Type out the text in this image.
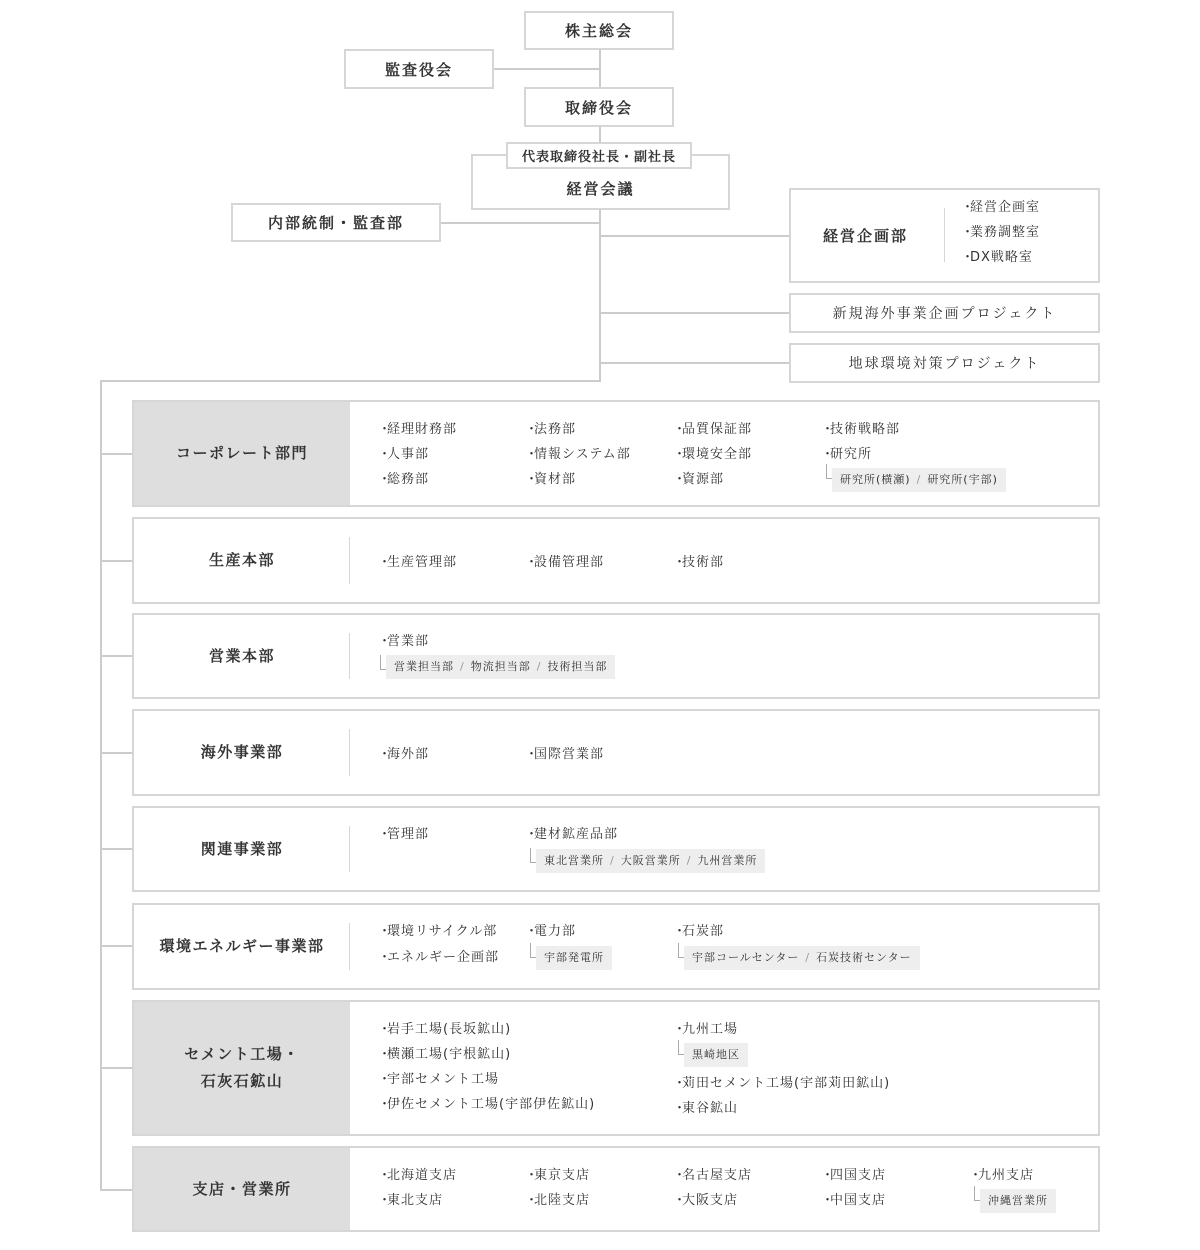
株主総会
監査役会
取締役会
経営会議
代表取締役社長・副社長
内部統制・監査部
経営企画部
・ 経営企画室
・ 業務調整室
・ DX戦略室
新規海外事業企画プロジェクト
地球環境対策プロジェクト
コーポレート部門
・ 経理財務部
・ 人事部
・ 総務部
・ 法務部
・ 情報システム部
・ 資材部
・ 品質保証部
・ 環境安全部
・ 資源部
・ 技術戦略部
・ 研究所
研究所(横瀬) / 研究所(宇部)
生産本部	・ 生産管理部	・ 設備管理部	・ 技術部
営業本部
・ 営業部
営業担当部 / 物流担当部 / 技術担当部
海外事業部	・ 海外部	・ 国際営業部
関連事業部
・ 管理部	・ 建材鉱産品部
東北営業所 / 大阪営業所 / 九州営業所
環境エネルギー事業部
・ 環境リサイクル部
・ エネルギー企画部
・ 電力部
宇部発電所
・ 石炭部
宇部コールセンター / 石炭技術センター
セメント工場・
石灰石鉱山
・ 岩手工場(長坂鉱山)
・ 横瀬工場(宇根鉱山)
・ 宇部セメント工場
・ 伊佐セメント工場(宇部伊佐鉱山)
・ 九州工場
黒崎地区
・ 苅田セメント工場(宇部苅田鉱山)
・ 東谷鉱山
支店・営業所
・ 北海道支店
・ 東北支店
・ 東京支店
・ 北陸支店
・ 名古屋支店
・ 大阪支店
・ 四国支店
・ 中国支店
・ 九州支店
沖縄営業所
